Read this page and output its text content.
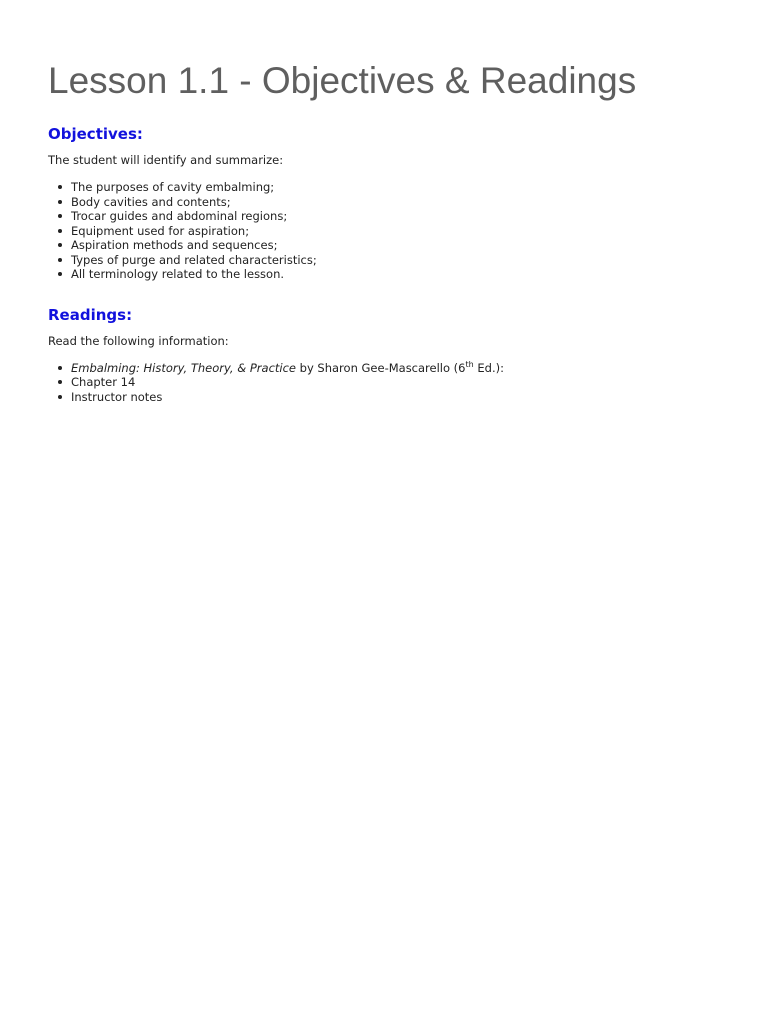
Lesson 1.1 - Objectives & Readings
Objectives:

The student will identify and summarize:

The purposes of cavity embalming;
Body cavities and contents;
Trocar guides and abdominal regions;
Equipment used for aspiration;
Aspiration methods and sequences;
Types of purge and related characteristics;
All terminology related to the lesson.
Readings:

Read the following information:

Embalming: History, Theory, & Practice by Sharon Gee-Mascarello (6th Ed.):
Chapter 14
Instructor notes
